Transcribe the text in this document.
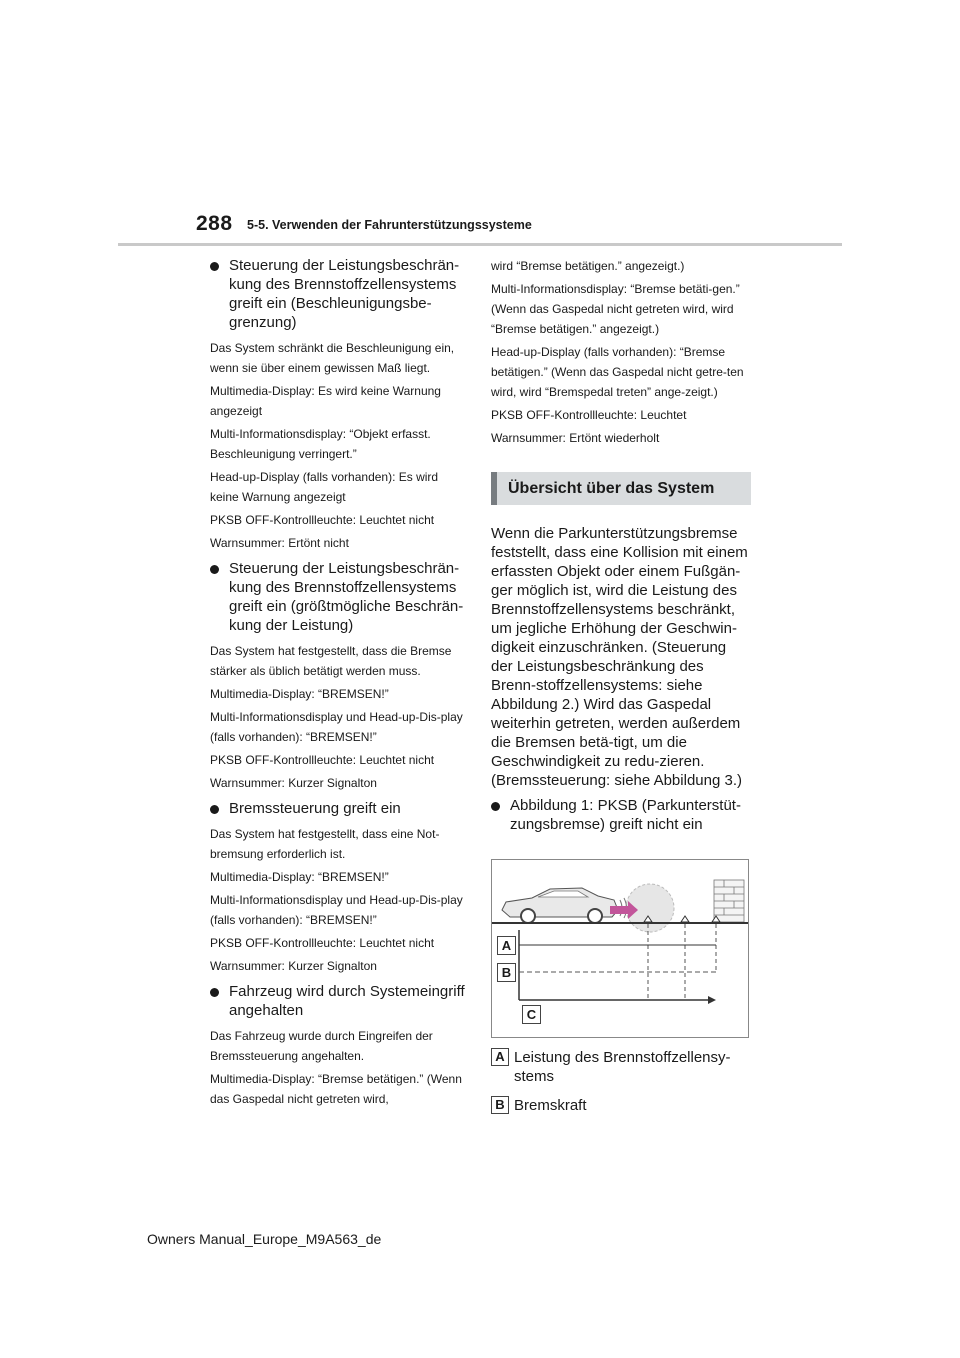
288 5-5. Verwenden der Fahrunterstützungssysteme
Steuerung der Leistungsbeschrän-kung des Brennstoffzellensystems greift ein (Beschleunigungsbe-grenzung)

Das System schränkt die Beschleunigung ein, wenn sie über einem gewissen Maß liegt.

Multimedia-Display: Es wird keine Warnung angezeigt

Multi-Informationsdisplay: “Objekt erfasst. Beschleunigung verringert.”

Head-up-Display (falls vorhanden): Es wird keine Warnung angezeigt

PKSB OFF-Kontrollleuchte: Leuchtet nicht

Warnsummer: Ertönt nicht

Steuerung der Leistungsbeschrän-kung des Brennstoffzellensystems greift ein (größtmögliche Beschrän-kung der Leistung)

Das System hat festgestellt, dass die Bremse stärker als üblich betätigt werden muss.

Multimedia-Display: “BREMSEN!”

Multi-Informationsdisplay und Head-up-Dis-play (falls vorhanden): “BREMSEN!”

PKSB OFF-Kontrollleuchte: Leuchtet nicht

Warnsummer: Kurzer Signalton

Bremssteuerung greift ein

Das System hat festgestellt, dass eine Not-bremsung erforderlich ist.

Multimedia-Display: “BREMSEN!”

Multi-Informationsdisplay und Head-up-Dis-play (falls vorhanden): “BREMSEN!”

PKSB OFF-Kontrollleuchte: Leuchtet nicht

Warnsummer: Kurzer Signalton

Fahrzeug wird durch Systemeingriff angehalten

Das Fahrzeug wurde durch Eingreifen der Bremssteuerung angehalten.

Multimedia-Display: “Bremse betätigen.” (Wenn das Gaspedal nicht getreten wird,

wird “Bremse betätigen.” angezeigt.)

Multi-Informationsdisplay: “Bremse betäti-gen.” (Wenn das Gaspedal nicht getreten wird, wird “Bremse betätigen.” angezeigt.)

Head-up-Display (falls vorhanden): “Bremse betätigen.” (Wenn das Gaspedal nicht getre-ten wird, wird “Bremspedal treten” ange-zeigt.)

PKSB OFF-Kontrollleuchte: Leuchtet

Warnsummer: Ertönt wiederholt

Übersicht über das System

Wenn die Parkunterstützungsbremse feststellt, dass eine Kollision mit einem erfassten Objekt oder einem Fußgän-ger möglich ist, wird die Leistung des Brennstoffzellensystems beschränkt, um jegliche Erhöhung der Geschwin-digkeit einzuschränken. (Steuerung der Leistungsbeschränkung des Brenn-stoffzellensystems: siehe Abbildung 2.) Wird das Gaspedal weiterhin getreten, werden außerdem die Bremsen betä-tigt, um die Geschwindigkeit zu redu-zieren. (Bremssteuerung: siehe Abbildung 3.)

Abbildung 1: PKSB (Parkunterstüt-zungsbremse) greift nicht ein
A
B
C
A Leistung des Brennstoffzellensy-stems
B Bremskraft
Owners Manual_Europe_M9A563_de
